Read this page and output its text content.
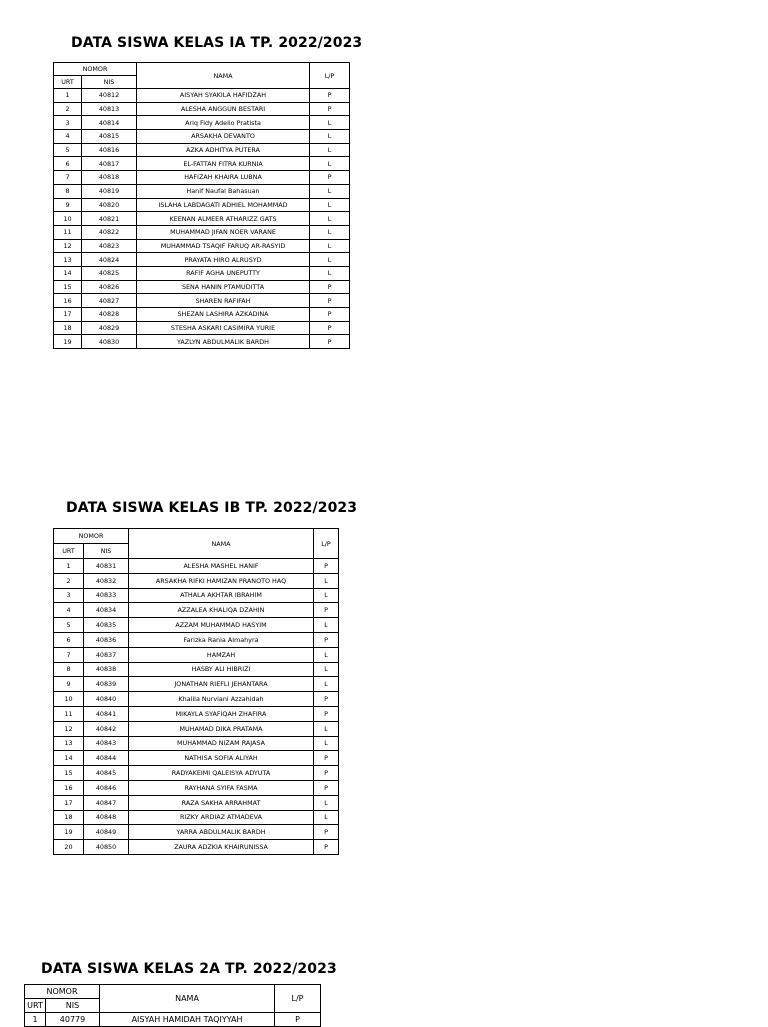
DATA SISWA KELAS IA TP. 2022/2023
NOMOR		NAMA	L/P
URT	NIS		
1	40812	AISYAH SYAKILA HAFIDZAH	P
2	40813	ALESHA ANGGUN BESTARI	P
3	40814	Ariq Fidy Adelio Pratista	L
4	40815	ARSAKHA DEVANTO	L
5	40816	AZKA ADHITYA PUTERA	L
6	40817	EL-FATTAN FITRA KURNIA	L
7	40818	HAFIZAH KHAIRA LUBNA	P
8	40819	Hanif Naufal Bahasuan	L
9	40820	ISLAHA LABDAGATI ADHIEL MOHAMMAD	L
10	40821	KEENAN ALMEER ATHARIZZ GATS	L
11	40822	MUHAMMAD JIFAN NOER VARANE	L
12	40823	MUHAMMAD TSAQIF FARUQ AR-RASYID	L
13	40824	PRAYATA HIRO ALRUSYD	L
14	40825	RAFIF AGHA UNEPUTTY	L
15	40826	SENA HANIN PTAMUDITTA	P
16	40827	SHAREN RAFIFAH	P
17	40828	SHEZAN LASHIRA AZKADINA	P
18	40829	STESHA ASKARI CASIMIRA YURIE	P
19	40830	YAZLYN ABDULMALIK BARDH	P
DATA SISWA KELAS IB TP. 2022/2023
NOMOR		NAMA	L/P
URT	NIS		
1	40831	ALESHA MASHEL HANIF	P
2	40832	ARSAKHA RIFKI HAMIZAN PRANOTO HAQ	L
3	40833	ATHALA AKHTAR IBRAHIM	L
4	40834	AZZALEA KHALIQA DZAHIN	P
5	40835	AZZAM MUHAMMAD HASYIM	L
6	40836	Farizka Rania Almahyra	P
7	40837	HAMZAH	L
8	40838	HASBY ALI HIBRIZI	L
9	40839	JONATHAN RIEFLI JEHANTARA	L
10	40840	Khalila Nurviani Azzahidah	P
11	40841	MIKAYLA SYAFIQAH ZHAFIRA	P
12	40842	MUHAMAD DIKA PRATAMA	L
13	40843	MUHAMMAD NIZAM RAJASA	L
14	40844	NATHISA SOFIA ALIYAH	P
15	40845	RADYAKEIMI QALEISYA ADYUTA	P
16	40846	RAYHANA SYIFA FASMA	P
17	40847	RAZA SAKHA ARRAHMAT	L
18	40848	RIZKY ARDIAZ ATMADEVA	L
19	40849	YARRA ABDULMALIK BARDH	P
20	40850	ZAURA ADZKIA KHAIRUNISSA	P
DATA SISWA KELAS 2A TP. 2022/2023
NOMOR		NAMA	L/P
URT	NIS		
1	40779	AISYAH HAMIDAH TAQIYYAH	P
